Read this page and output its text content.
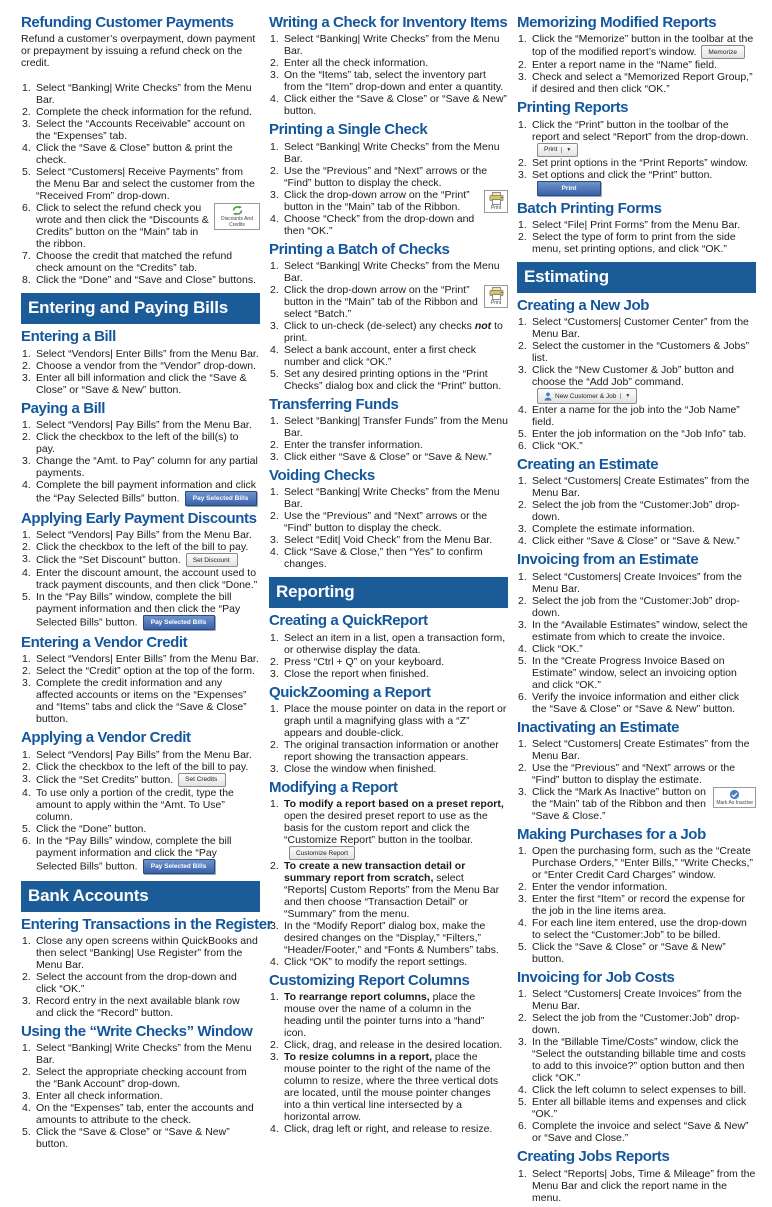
Refunding Customer Payments

Refund a customer’s overpayment, down payment or prepayment by issuing a refund check on the credit.

Select “Banking| Write Checks” from the Menu Bar.
Complete the check information for the refund.
Select the “Accounts Receivable” account on the “Expenses” tab.
Click the “Save & Close” button & print the check.
Select “Customers| Receive Payments” from the Menu Bar and select the customer from the “Received From” drop-down.
Discounts And Credits
Click to select the refund check you wrote and then click the “Discounts & Credits” button on the “Main” tab in the ribbon.
Choose the credit that matched the refund check amount on the “Credits” tab.
Click the “Done” and “Save and Close” buttons.
Entering and Paying Bills
Entering a Bill
Select “Vendors| Enter Bills” from the Menu Bar.
Choose a vendor from the “Vendor” drop-down.
Enter all bill information and click the “Save & Close” or “Save & New” button.
Paying a Bill
Select “Vendors| Pay Bills” from the Menu Bar.
Click the checkbox to the left of the bill(s) to pay.
Change the “Amt. to Pay” column for any partial payments.
Complete the bill payment information and click the “Pay Selected Bills” button. Pay Selected Bills
Applying Early Payment Discounts
Select “Vendors| Pay Bills” from the Menu Bar.
Click the checkbox to the left of the bill to pay.
Click the “Set Discount” button. Set Discount
Enter the discount amount, the account used to track payment discounts, and then click “Done.”
In the “Pay Bills” window, complete the bill payment information and then click the “Pay Selected Bills” button. Pay Selected Bills
Entering a Vendor Credit
Select “Vendors| Enter Bills” from the Menu Bar.
Select the “Credit” option at the top of the form.
Complete the credit information and any affected accounts or items on the “Expenses” and “Items” tabs and click the “Save & Close” button.
Applying a Vendor Credit
Select “Vendors| Pay Bills” from the Menu Bar.
Click the checkbox to the left of the bill to pay.
Click the “Set Credits” button. Set Credits
To use only a portion of the credit, type the amount to apply within the “Amt. To Use” column.
Click the “Done” button.
In the “Pay Bills” window, complete the bill payment information and click the “Pay Selected Bills” button. Pay Selected Bills
Bank Accounts
Entering Transactions in the Register
Close any open screens within QuickBooks and then select “Banking| Use Register” from the Menu Bar.
Select the account from the drop-down and click “OK.”
Record entry in the next available blank row and click the “Record” button.
Using the “Write Checks” Window
Select “Banking| Write Checks” from the Menu Bar.
Select the appropriate checking account from the “Bank Account” drop-down.
Enter all check information.
On the “Expenses” tab, enter the accounts and amounts to attribute to the check.
Click the “Save & Close” or “Save & New” button.
Writing a Check for Inventory Items
Select “Banking| Write Checks” from the Menu Bar.
Enter all the check information.
On the “Items” tab, select the inventory part from the “Item” drop-down and enter a quantity.
Click either the “Save & Close” or “Save & New” button.
Printing a Single Check
Select “Banking| Write Checks” from the Menu Bar.
Use the “Previous” and “Next” arrows or the “Find” button to display the check.
Print
Click the drop-down arrow on the “Print” button in the “Main” tab of the Ribbon.
Choose “Check” from the drop-down and then “OK.”
Printing a Batch of Checks
Select “Banking| Write Checks” from the Menu Bar.
Print
Click the drop-down arrow on the “Print” button in the “Main” tab of the Ribbon and select “Batch.”
Click to un-check (de-select) any checks not to print.
Select a bank account, enter a first check number and click “OK.”
Set any desired printing options in the “Print Checks” dialog box and click the “Print” button.
Transferring Funds
Select “Banking| Transfer Funds” from the Menu Bar.
Enter the transfer information.
Click either “Save & Close” or “Save & New.”
Voiding Checks
Select “Banking| Write Checks” from the Menu Bar.
Use the “Previous” and “Next” arrows or the “Find” button to display the check.
Select “Edit| Void Check” from the Menu Bar.
Click “Save & Close,” then “Yes” to confirm changes.
Reporting
Creating a QuickReport
Select an item in a list, open a transaction form, or otherwise display the data.
Press “Ctrl + Q” on your keyboard.
Close the report when finished.
QuickZooming a Report
Place the mouse pointer on data in the report or graph until a magnifying glass with a “Z” appears and double-click.
The original transaction information or another report showing the transaction appears.
Close the window when finished.
Modifying a Report
To modify a report based on a preset report, open the desired preset report to use as the basis for the custom report and click the “Customize Report” button in the toolbar.
Customize Report
To create a new transaction detail or summary report from scratch, select “Reports| Custom Reports” from the Menu Bar and then choose “Transaction Detail” or “Summary” from the menu.
In the “Modify Report” dialog box, make the desired changes on the “Display,” “Filters,” “Header/Footer,” and “Fonts & Numbers” tabs.
Click “OK” to modify the report settings.
Customizing Report Columns
To rearrange report columns, place the mouse over the name of a column in the heading until the pointer turns into a “hand” icon.
Click, drag, and release in the desired location.
To resize columns in a report, place the mouse pointer to the right of the name of the column to resize, where the three vertical dots are located, until the mouse pointer changes into a thin vertical line intersected by a horizontal arrow.
Click, drag left or right, and release to resize.
Memorizing Modified Reports
Click the “Memorize” button in the toolbar at the top of the modified report’s window. Memorize
Enter a report name in the “Name” field.
Check and select a “Memorized Report Group,” if desired and then click “OK.”
Printing Reports
Click the “Print” button in the toolbar of the report and select “Report” from the drop-down.
Print	▼
Set print options in the “Print Reports” window.
Set options and click the “Print” button.
Print
Batch Printing Forms
Select “File| Print Forms” from the Menu Bar.
Select the type of form to print from the side menu, set printing options, and click “OK.”
Estimating
Creating a New Job
Select “Customers| Customer Center” from the Menu Bar.
Select the customer in the “Customers & Jobs” list.
Click the “New Customer & Job” button and choose the “Add Job” command.
New Customer & Job	▼
Enter a name for the job into the “Job Name” field.
Enter the job information on the “Job Info” tab.
Click “OK.”
Creating an Estimate
Select “Customers| Create Estimates” from the Menu Bar.
Select the job from the “Customer:Job” drop-down.
Complete the estimate information.
Click either “Save & Close” or “Save & New.”
Invoicing from an Estimate
Select “Customers| Create Invoices” from the Menu Bar.
Select the job from the “Customer:Job” drop-down.
In the “Available Estimates” window, select the estimate from which to create the invoice.
Click “OK.”
In the “Create Progress Invoice Based on Estimate” window, select an invoicing option and click “OK.”
Verify the invoice information and either click the “Save & Close” or “Save & New” button.
Inactivating an Estimate
Select “Customers| Create Estimates” from the Menu Bar.
Use the “Previous” and “Next” arrows or the “Find” button to display the estimate.
Mark As Inactive
Click the “Mark As Inactive” button on the “Main” tab of the Ribbon and then “Save & Close.”
Making Purchases for a Job
Open the purchasing form, such as the “Create Purchase Orders,” “Enter Bills,” “Write Checks,” or “Enter Credit Card Charges” window.
Enter the vendor information.
Enter the first “Item” or record the expense for the job in the line items area.
For each line item entered, use the drop-down to select the “Customer:Job” to be billed.
Click the “Save & Close” or “Save & New” button.
Invoicing for Job Costs
Select “Customers| Create Invoices” from the Menu Bar.
Select the job from the “Customer:Job” drop-down.
In the “Billable Time/Costs” window, click the “Select the outstanding billable time and costs to add to this invoice?” option button and then click “OK.”
Click the left column to select expenses to bill.
Enter all billable items and expenses and click “OK.”
Complete the invoice and select “Save & New” or “Save and Close.”
Creating Jobs Reports
Select “Reports| Jobs, Time & Mileage” from the Menu Bar and click the report name in the menu.
